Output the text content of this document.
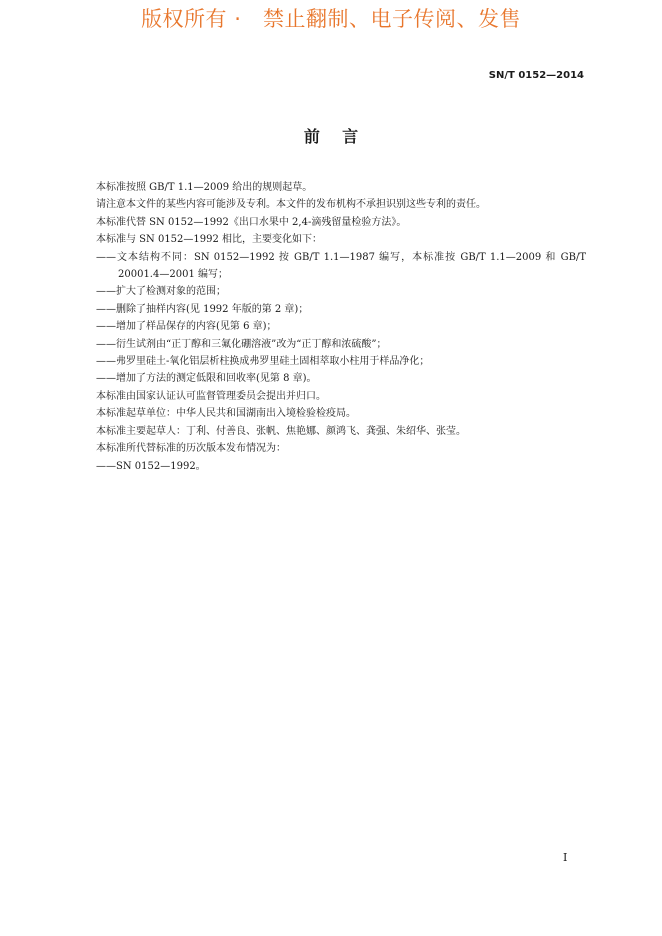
版权所有 ·   禁止翻制、电子传阅、发售
SN/T 0152—2014
前    言

本标准按照 GB/T 1.1—2009 给出的规则起草。

请注意本文件的某些内容可能涉及专利。本文件的发布机构不承担识别这些专利的责任。

本标准代替 SN 0152—1992《出口水果中 2,4-滴残留量检验方法》。

本标准与 SN 0152—1992 相比，主要变化如下：

——文本结构不同：SN 0152—1992 按 GB/T 1.1—1987 编写，本标准按 GB/T 1.1—2009 和 GB/T 20001.4—2001 编写；

——扩大了检测对象的范围；

——删除了抽样内容(见 1992 年版的第 2 章)；

——增加了样品保存的内容(见第 6 章)；

——衍生试剂由“正丁醇和三氟化硼溶液”改为“正丁醇和浓硫酸”；

——弗罗里硅土-氧化铝层析柱换成弗罗里硅土固相萃取小柱用于样品净化；

——增加了方法的测定低限和回收率(见第 8 章)。

本标准由国家认证认可监督管理委员会提出并归口。

本标准起草单位：中华人民共和国湖南出入境检验检疫局。

本标准主要起草人：丁利、付善良、张帆、焦艳娜、颜鸿飞、龚强、朱绍华、张莹。

本标准所代替标准的历次版本发布情况为：

——SN 0152—1992。

I
